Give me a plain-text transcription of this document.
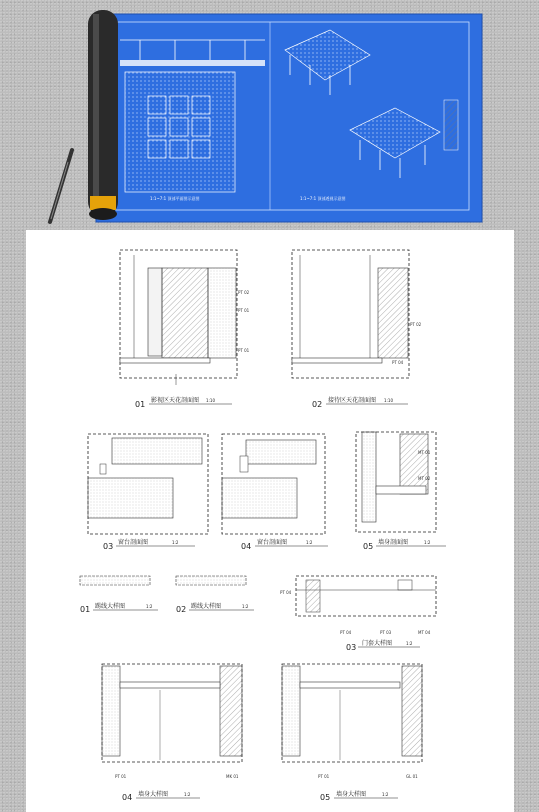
1:1~7:1 顶部平面图示意图	1:1~7:1 顶部透视示意图
PT 02
PT 01
PT 01
PT 02
PT 04
01 影视区天花剖面图 1:10	02 接待区天花剖面图 1:10
MT 01
MT 02
03 窗台剖面图	1:2	04 窗台剖面图	1:2	05 墙身剖面图	1:2
PT 04
PT 04	PT 03	MT 04
01 踢线大样图	1:2	02 踢线大样图	1:2
03 门套大样图	1:2
PT 01	MK 01	PT 01	GL 01
04 墙身大样图	1:2	05 墙身大样图	1:2
